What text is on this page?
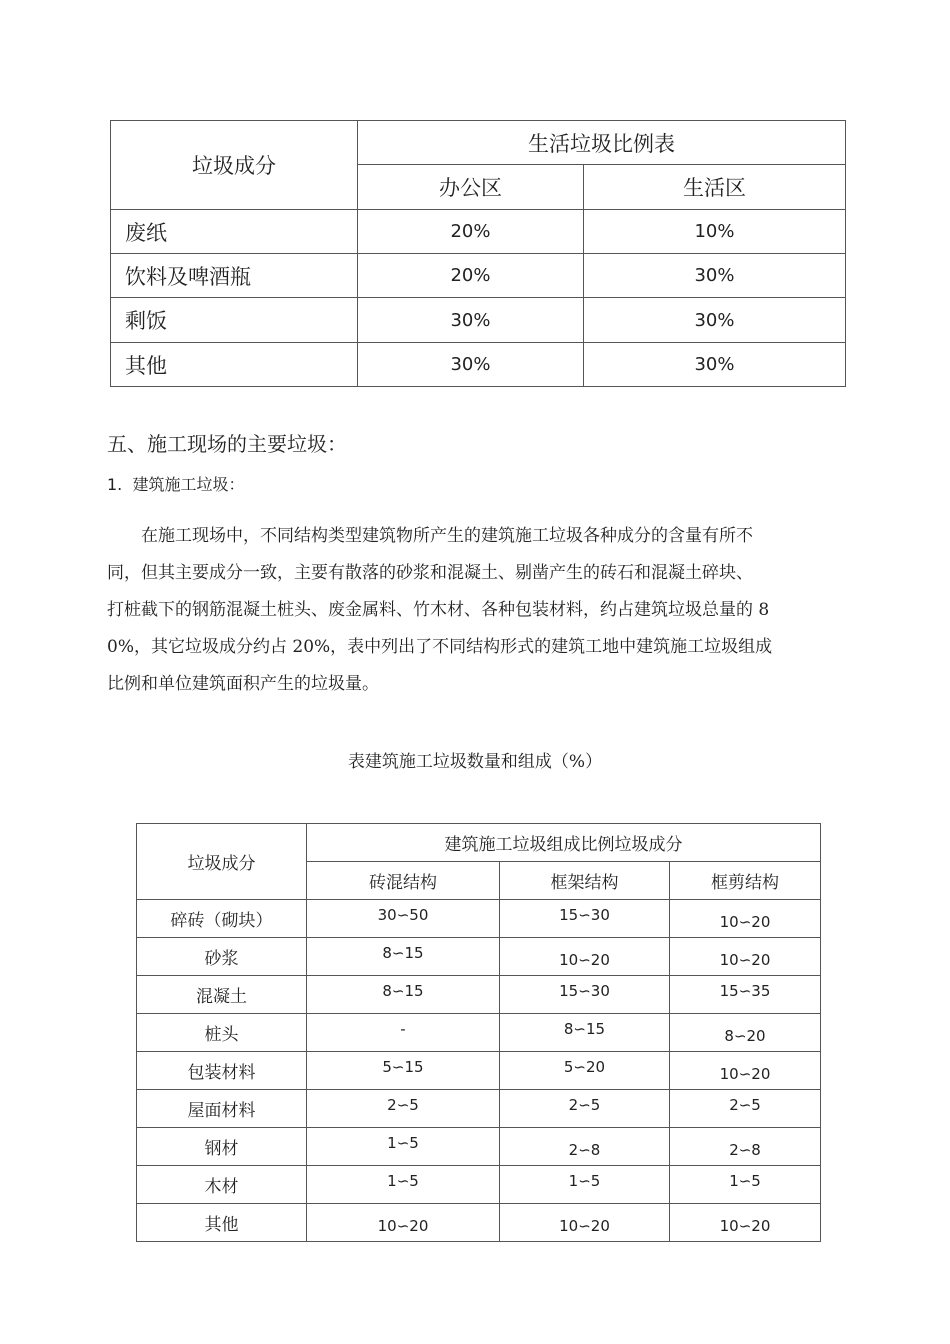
垃圾成分	生活垃圾比例表	
	办公区	生活区
废纸	20%	10%
饮料及啤酒瓶	20%	30%
剩饭	30%	30%
其他	30%	30%
五、施工现场的主要垃圾：
1. 建筑施工垃圾：

　　在施工现场中，不同结构类型建筑物所产生的建筑施工垃圾各种成分的含量有所不

同，但其主要成分一致，主要有散落的砂浆和混凝土、剔凿产生的砖石和混凝土碎块、

打桩截下的钢筋混凝土桩头、废金属料、竹木材、各种包装材料，约占建筑垃圾总量的 8

0%，其它垃圾成分约占 20%，表中列出了不同结构形式的建筑工地中建筑施工垃圾组成

比例和单位建筑面积产生的垃圾量。

表建筑施工垃圾数量和组成（%）
垃圾成分	建筑施工垃圾组成比例垃圾成分		
	砖混结构	框架结构	框剪结构
碎砖（砌块）	30∽50	15∽30	10∽20
砂浆	8∽15	10∽20	10∽20
混凝土	8∽15	15∽30	15∽35
桩头	-	8∽15	8∽20
包装材料	5∽15	5∽20	10∽20
屋面材料	2∽5	2∽5	2∽5
钢材	1∽5	2∽8	2∽8
木材	1∽5	1∽5	1∽5
其他	10∽20	10∽20	10∽20
